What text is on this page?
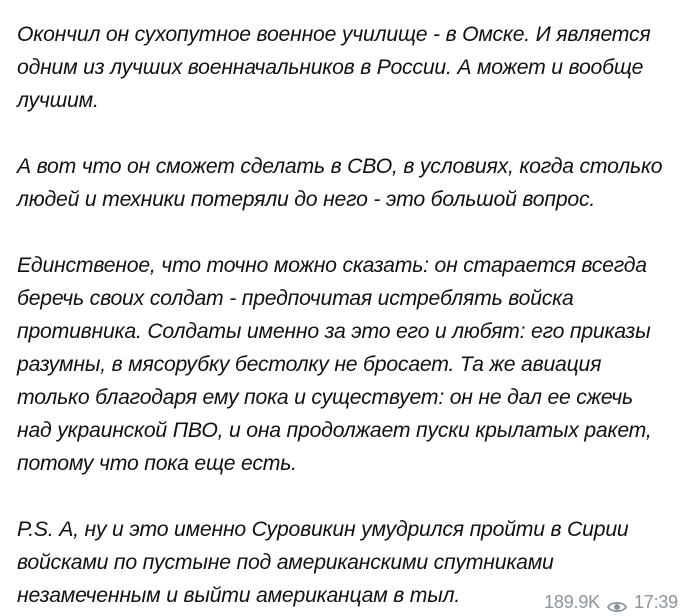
Окончил он сухопутное военное училище - в Омске. И является одним из лучших военначальников в России. А может и вообще лучшим.

А вот что он сможет сделать в СВО, в условиях, когда столько людей и техники потеряли до него - это большой вопрос.

Единственое, что точно можно сказать: он старается всегда беречь своих солдат - предпочитая истреблять войска противника. Солдаты именно за это его и любят: его приказы разумны, в мясорубку бестолку не бросает. Та же авиация только благодаря ему пока и существует: он не дал ее сжечь над украинской ПВО, и она продолжает пуски крылатых ракет, потому что пока еще есть.

P.S. А, ну и это именно Суровикин умудрился пройти в Сирии войсками по пустыне под американскими спутниками незамеченным и выйти американцам в тыл.	189.9K 17:39
